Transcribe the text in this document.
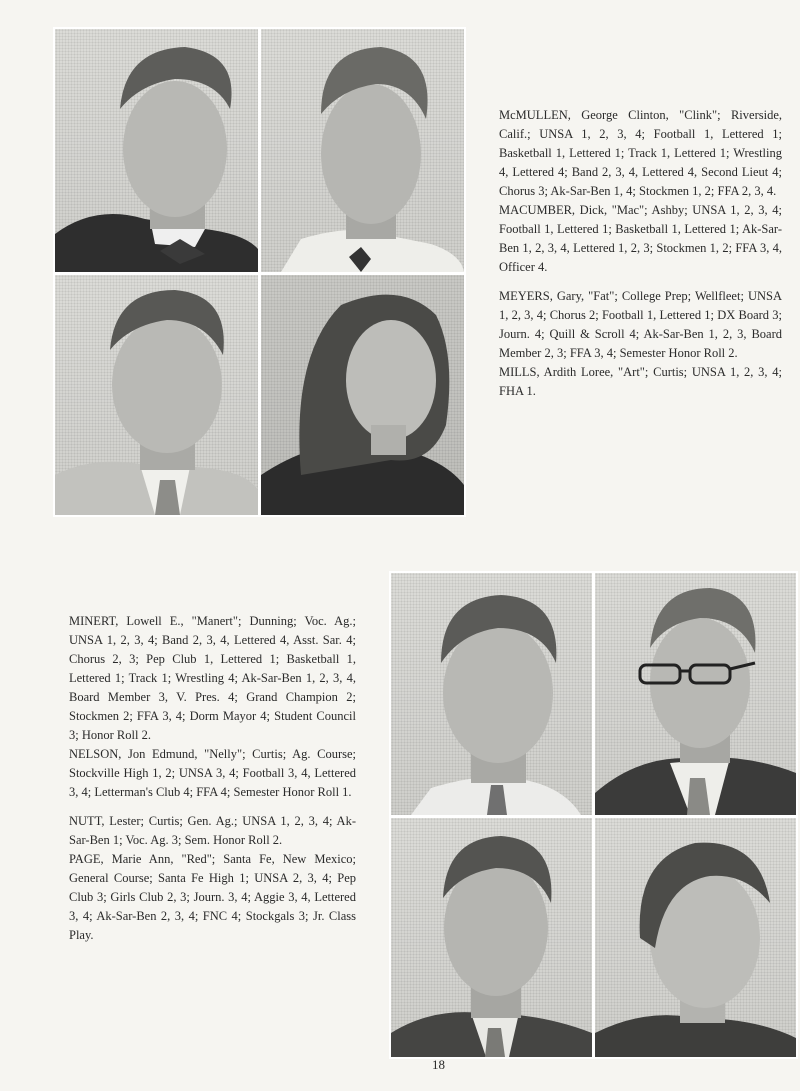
McMULLEN, George Clinton, "Clink"; Riverside, Calif.; UNSA 1, 2, 3, 4; Football 1, Lettered 1; Basketball 1, Lettered 1; Track 1, Lettered 1; Wrestling 4, Lettered 4; Band 2, 3, 4, Lettered 4, Second Lieut 4; Chorus 3; Ak-Sar-Ben 1, 4; Stockmen 1, 2; FFA 2, 3, 4.

MACUMBER, Dick, "Mac"; Ashby; UNSA 1, 2, 3, 4; Football 1, Lettered 1; Basketball 1, Lettered 1; Ak-Sar-Ben 1, 2, 3, 4, Lettered 1, 2, 3; Stockmen 1, 2; FFA 3, 4, Officer 4.

MEYERS, Gary, "Fat"; College Prep; Wellfleet; UNSA 1, 2, 3, 4; Chorus 2; Football 1, Lettered 1; DX Board 3; Journ. 4; Quill & Scroll 4; Ak-Sar-Ben 1, 2, 3, Board Member 2, 3; FFA 3, 4; Semester Honor Roll 2.

MILLS, Ardith Loree, "Art"; Curtis; UNSA 1, 2, 3, 4; FHA 1.

MINERT, Lowell E., "Manert"; Dunning; Voc. Ag.; UNSA 1, 2, 3, 4; Band 2, 3, 4, Lettered 4, Asst. Sar. 4; Chorus 2, 3; Pep Club 1, Lettered 1; Basketball 1, Lettered 1; Track 1; Wrestling 4; Ak-Sar-Ben 1, 2, 3, 4, Board Member 3, V. Pres. 4; Grand Champion 2; Stockmen 2; FFA 3, 4; Dorm Mayor 4; Student Council 3; Honor Roll 2.

NELSON, Jon Edmund, "Nelly"; Curtis; Ag. Course; Stockville High 1, 2; UNSA 3, 4; Football 3, 4, Lettered 3, 4; Letterman's Club 4; FFA 4; Semester Honor Roll 1.

NUTT, Lester; Curtis; Gen. Ag.; UNSA 1, 2, 3, 4; Ak-Sar-Ben 1; Voc. Ag. 3; Sem. Honor Roll 2.

PAGE, Marie Ann, "Red"; Santa Fe, New Mexico; General Course; Santa Fe High 1; UNSA 2, 3, 4; Pep Club 3; Girls Club 2, 3; Journ. 3, 4; Aggie 3, 4, Lettered 3, 4; Ak-Sar-Ben 2, 3, 4; FNC 4; Stockgals 3; Jr. Class Play.

18
